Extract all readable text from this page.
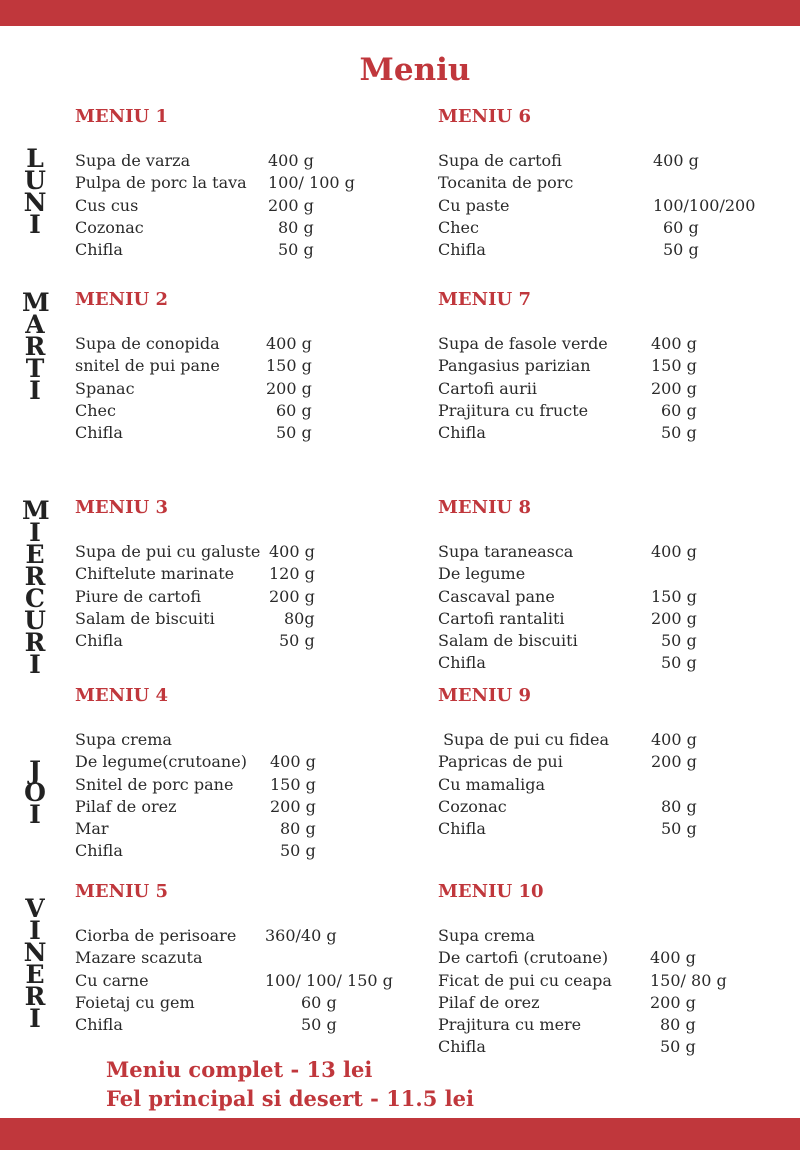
Meniu
L
U
N
I
M
A
R
T
I
M
I
E
R
C
U
R
I
J
O
I
V
I
N
E
R
I
MENIU 1
Supa de varza	400 g
Pulpa de porc la tava 100/ 100 g
Cus cus	200 g
Cozonac	80 g
Chifla	50 g
MENIU 6
Supa de cartofi	400 g
Tocanita de porc
Cu paste	100/100/200
Chec	60 g
Chifla	50 g
MENIU 2
Supa de conopida	400 g
snitel de pui pane	150 g
Spanac	200 g
Chec	60 g
Chifla	50 g
MENIU 7
Supa de fasole verde	400 g
Pangasius parizian	150 g
Cartofi aurii	200 g
Prajitura cu fructe	60 g
Chifla	50 g
MENIU 3
Supa de pui cu galuste 400 g
Chiftelute marinate 120 g
Piure de cartofi	200 g
Salam de biscuiti	80g
Chifla	50 g
MENIU 8
Supa taraneasca	400 g
De legume
Cascaval pane	150 g
Cartofi rantaliti	200 g
Salam de biscuiti	50 g
Chifla	50 g
MENIU 4
Supa crema
De legume(crutoane) 400 g
Snitel de porc pane 150 g
Pilaf de orez	200 g
Mar	80 g
Chifla	50 g
MENIU 9
Supa de pui cu fidea	400 g
Papricas de pui	200 g
Cu mamaliga
Cozonac	80 g
Chifla	50 g
MENIU 5
Ciorba de perisoare 360/40 g
Mazare scazuta
Cu carne	100/ 100/ 150 g
Foietaj cu gem	60 g
Chifla	50 g
MENIU 10
Supa crema
De cartofi (crutoane)	400 g
Ficat de pui cu ceapa 150/ 80 g
Pilaf de orez	200 g
Prajitura cu mere	80 g
Chifla	50 g
Meniu complet - 13 lei
Fel principal si desert - 11.5 lei
